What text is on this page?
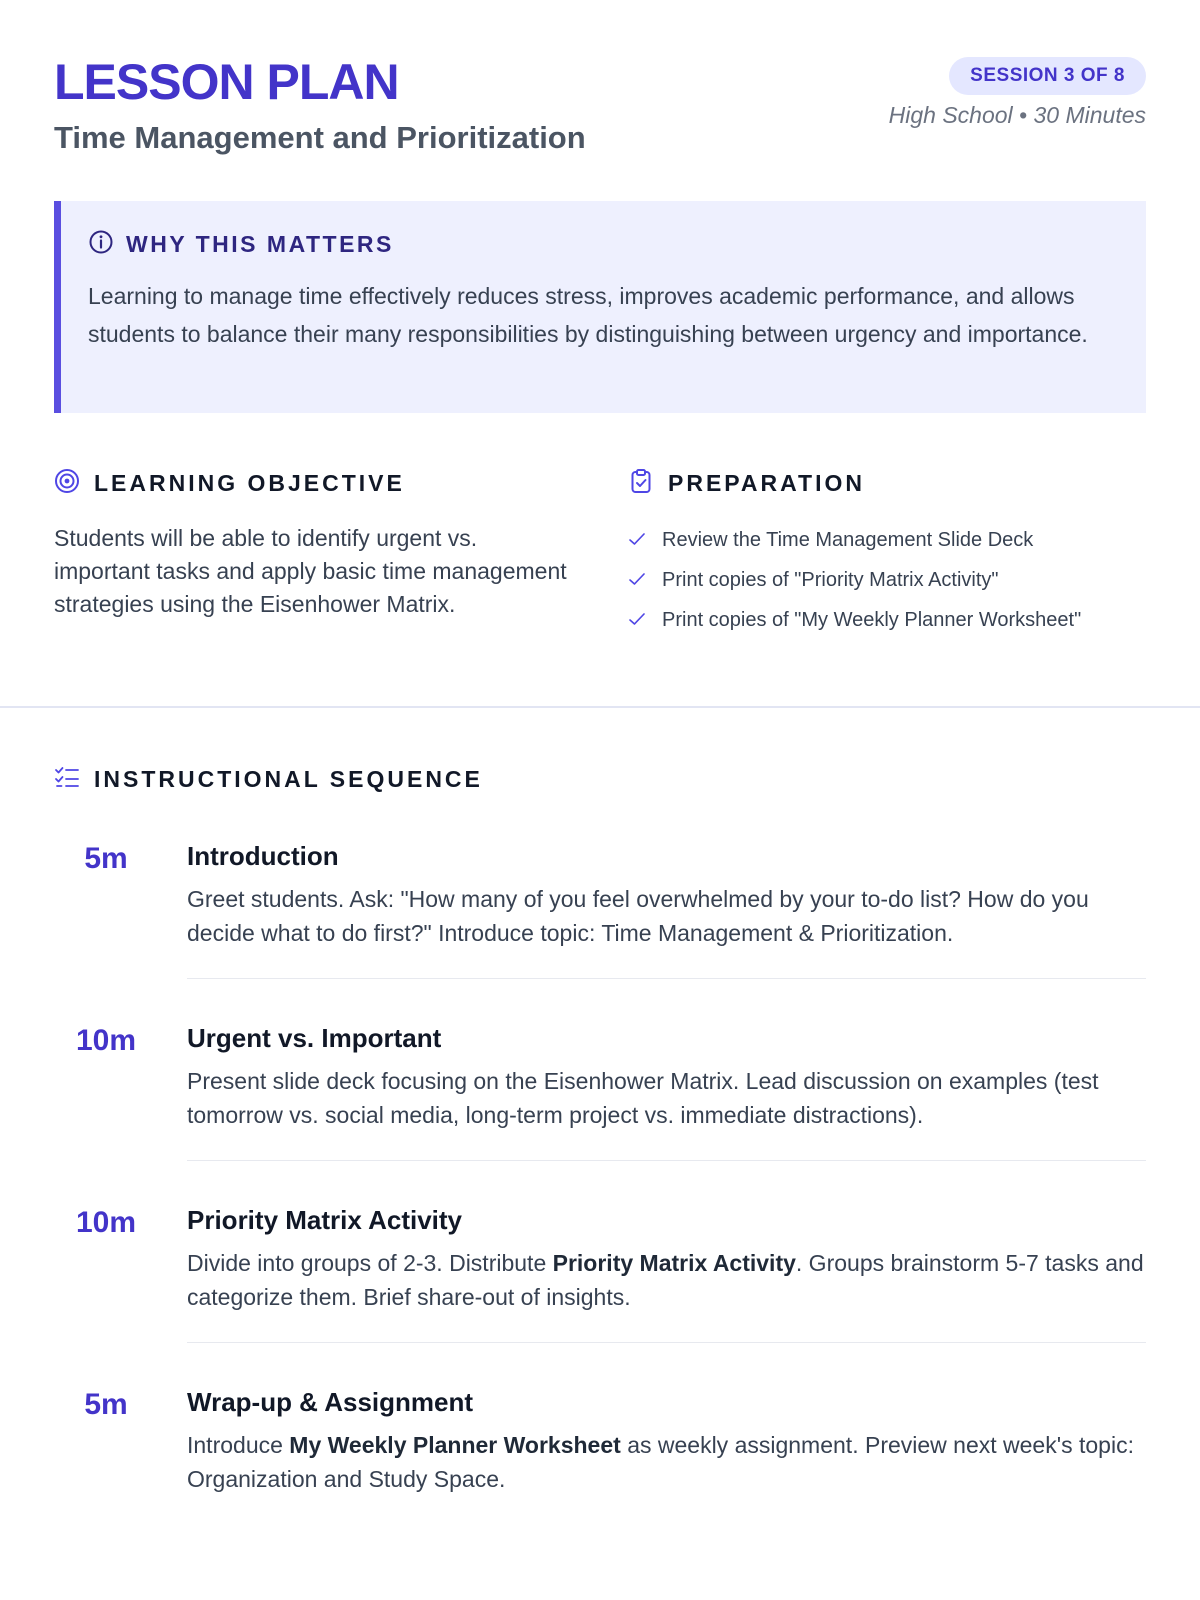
LESSON PLAN
Time Management and Prioritization
SESSION 3 OF 8
High School • 30 Minutes
WHY THIS MATTERS

Learning to manage time effectively reduces stress, improves academic performance, and allows students to balance their many responsibilities by distinguishing between urgency and importance.

LEARNING OBJECTIVE

Students will be able to identify urgent vs. important tasks and apply basic time management strategies using the Eisenhower Matrix.

PREPARATION
Review the Time Management Slide Deck
Print copies of "Priority Matrix Activity"
Print copies of "My Weekly Planner Worksheet"
INSTRUCTIONAL SEQUENCE
5m	Introduction

Greet students. Ask: "How many of you feel overwhelmed by your to-do list? How do you decide what to do first?" Introduce topic: Time Management & Prioritization.

10m	Urgent vs. Important

Present slide deck focusing on the Eisenhower Matrix. Lead discussion on examples (test tomorrow vs. social media, long-term project vs. immediate distractions).

10m	Priority Matrix Activity

Divide into groups of 2-3. Distribute Priority Matrix Activity. Groups brainstorm 5-7 tasks and categorize them. Brief share-out of insights.

5m	Wrap-up & Assignment

Introduce My Weekly Planner Worksheet as weekly assignment. Preview next week's topic: Organization and Study Space.
